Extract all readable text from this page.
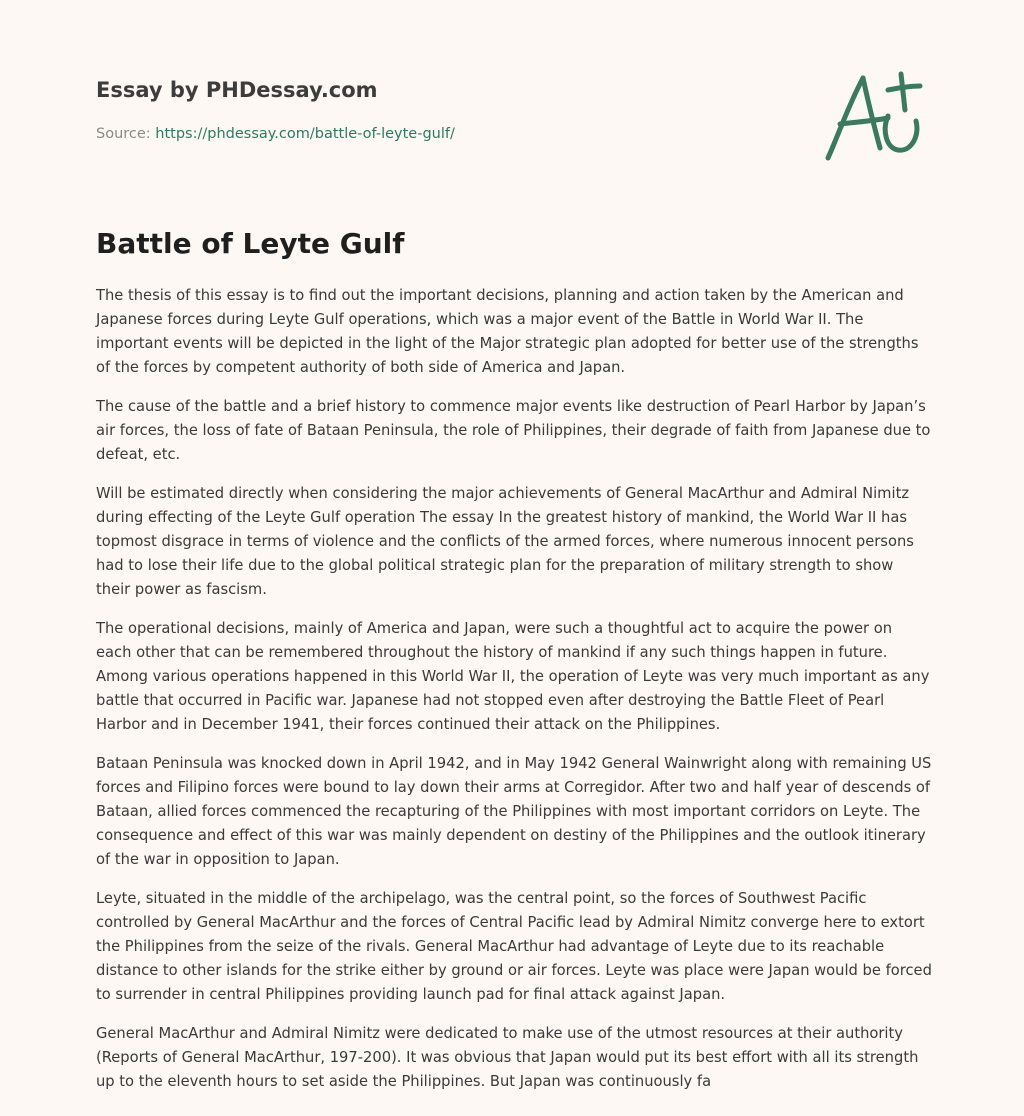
Essay by PHDessay.com

Source: https://phdessay.com/battle-of-leyte-gulf/
Battle of Leyte Gulf

The thesis of this essay is to find out the important decisions, planning and action taken by the American and Japanese forces during Leyte Gulf operations, which was a major event of the Battle in World War II. The important events will be depicted in the light of the Major strategic plan adopted for better use of the strengths of the forces by competent authority of both side of America and Japan.

The cause of the battle and a brief history to commence major events like destruction of Pearl Harbor by Japan’s air forces, the loss of fate of Bataan Peninsula, the role of Philippines, their degrade of faith from Japanese due to defeat, etc.

Will be estimated directly when considering the major achievements of General MacArthur and Admiral Nimitz during effecting of the Leyte Gulf operation The essay In the greatest history of mankind, the World War II has topmost disgrace in terms of violence and the conflicts of the armed forces, where numerous innocent persons had to lose their life due to the global political strategic plan for the preparation of military strength to show their power as fascism.

The operational decisions, mainly of America and Japan, were such a thoughtful act to acquire the power on each other that can be remembered throughout the history of mankind if any such things happen in future. Among various operations happened in this World War II, the operation of Leyte was very much important as any battle that occurred in Pacific war. Japanese had not stopped even after destroying the Battle Fleet of Pearl Harbor and in December 1941, their forces continued their attack on the Philippines.

Bataan Peninsula was knocked down in April 1942, and in May 1942 General Wainwright along with remaining US forces and Filipino forces were bound to lay down their arms at Corregidor. After two and half year of descends of Bataan, allied forces commenced the recapturing of the Philippines with most important corridors on Leyte. The consequence and effect of this war was mainly dependent on destiny of the Philippines and the outlook itinerary of the war in opposition to Japan.

Leyte, situated in the middle of the archipelago, was the central point, so the forces of Southwest Pacific controlled by General MacArthur and the forces of Central Pacific lead by Admiral Nimitz converge here to extort the Philippines from the seize of the rivals. General MacArthur had advantage of Leyte due to its reachable distance to other islands for the strike either by ground or air forces. Leyte was place were Japan would be forced to surrender in central Philippines providing launch pad for final attack against Japan.

General MacArthur and Admiral Nimitz were dedicated to make use of the utmost resources at their authority (Reports of General MacArthur, 197-200). It was obvious that Japan would put its best effort with all its strength up to the eleventh hours to set aside the Philippines. But Japan was continuously fa
